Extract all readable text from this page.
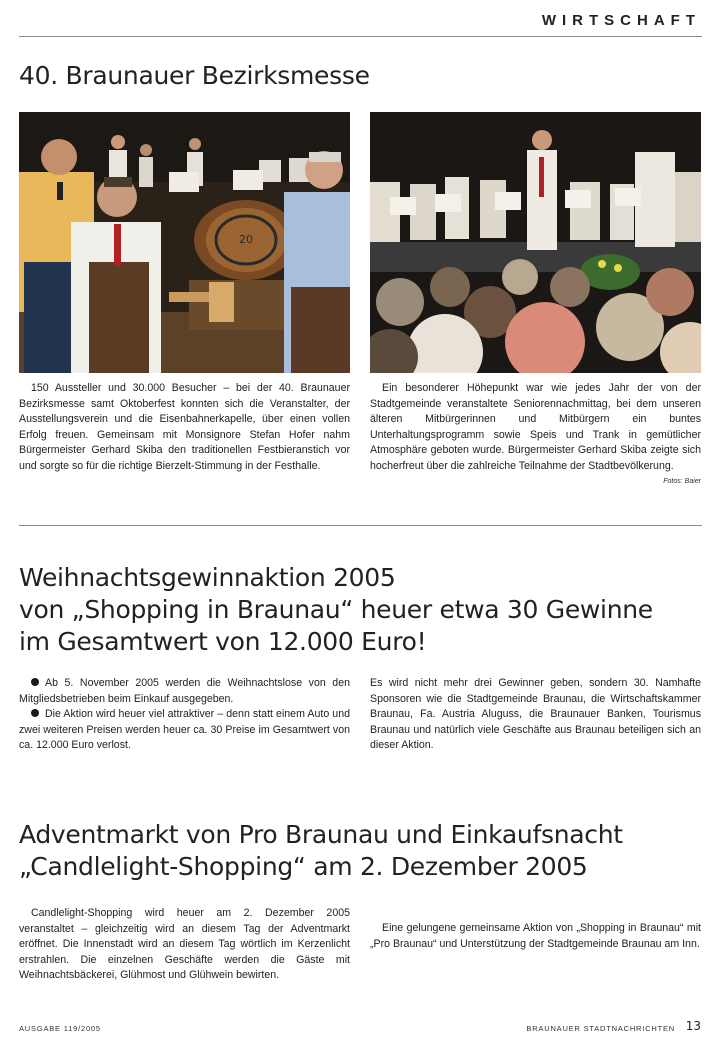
WIRTSCHAFT
40. Braunauer Bezirksmesse
20
150 Aussteller und 30.000 Besucher – bei der 40. Braunauer Bezirksmesse samt Oktoberfest konnten sich die Veranstalter, der Ausstellungsverein und die Eisenbahnerkapelle, über einen vollen Erfolg freuen. Gemeinsam mit Monsignore Stefan Hofer nahm Bürgermeister Gerhard Skiba den traditionellen Festbieranstich vor und sorgte so für die richtige Bierzelt-Stimmung in der Festhalle.
Ein besonderer Höhepunkt war wie jedes Jahr der von der Stadtgemeinde veranstaltete Seniorennachmittag, bei dem unseren älteren Mitbürgerinnen und Mitbürgern ein buntes Unterhaltungsprogramm sowie Speis und Trank in gemütlicher Atmosphäre geboten wurde. Bürgermeister Gerhard Skiba zeigte sich hocherfreut über die zahlreiche Teilnahme der Stadtbevölkerung.
Fotos: Baier
Weihnachtsgewinnaktion 2005
von „Shopping in Braunau“ heuer etwa 30 Gewinne
im Gesamtwert von 12.000 Euro!

Ab 5. November 2005 werden die Weihnachtslose von den Mitgliedsbetrieben beim Einkauf ausgegeben.

Die Aktion wird heuer viel attraktiver – denn statt einem Auto und zwei weiteren Preisen werden heuer ca. 30 Preise im Gesamtwert von ca. 12.000 Euro verlost.

Es wird nicht mehr drei Gewinner geben, sondern 30. Namhafte Sponsoren wie die Stadtgemeinde Braunau, die Wirtschaftskammer Braunau, Fa. Austria Aluguss, die Braunauer Banken, Tourismus Braunau und natürlich viele Geschäfte aus Braunau beteiligen sich an dieser Aktion.
Adventmarkt von Pro Braunau und Einkaufsnacht
„Candlelight-Shopping“ am 2. Dezember 2005
Candlelight-Shopping wird heuer am 2. Dezember 2005 veranstaltet – gleichzeitig wird an diesem Tag der Adventmarkt eröffnet. Die Innenstadt wird an diesem Tag wörtlich im Kerzenlicht erstrahlen. Die einzelnen Geschäfte werden die Gäste mit Weihnachtsbäckerei, Glühmost und Glühwein bewirten.
Eine gelungene gemeinsame Aktion von „Shopping in Braunau“ mit „Pro Braunau“ und Unterstützung der Stadtgemeinde Braunau am Inn.
AUSGABE 119/2005	BRAUNAUER STADTNACHRICHTEN 13
